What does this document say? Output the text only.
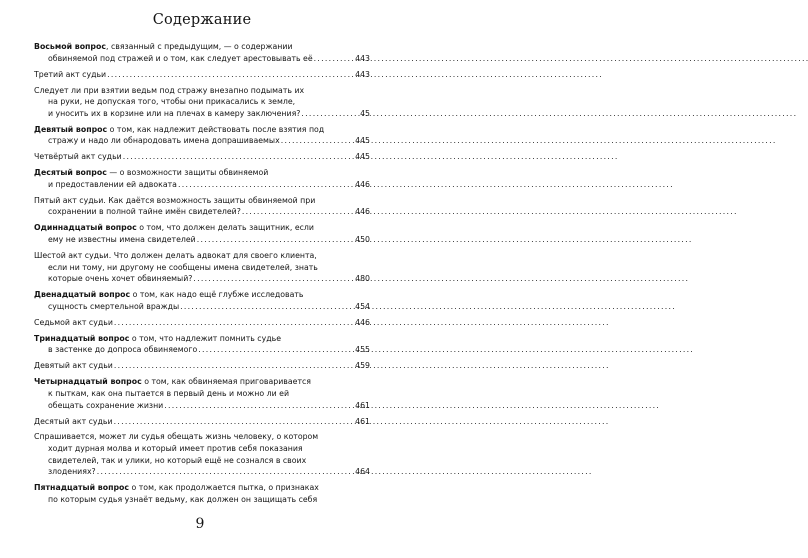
Содержание
Восьмой вопрос, связанный с предыдущим, — о содержании
обвиняемой под стражей и о том, как следует арестовывать её . . .	443
Третий акт судьи . . .	443
Следует ли при взятии ведьм под стражу внезапно подымать их
на руки, не допуская того, чтобы они прикасались к земле,
и уносить их в корзине или на плечах в камеру заключения? . . .	45
Девятый вопрос о том, как надлежит действовать после взятия под
стражу и надо ли обнародовать имена допрашиваемых . . .	445
Четвёртый акт судьи . . .	445
Десятый вопрос — о возможности защиты обвиняемой
и предоставлении ей адвоката . . .	446
Пятый акт судьи. Как даётся возможность защиты обвиняемой при
сохранении в полной тайне имён свидетелей? . . .	446
Одиннадцатый вопрос о том, что должен делать защитник, если
ему не известны имена свидетелей . . .	450
Шестой акт судьи. Что должен делать адвокат для своего клиента,
если ни тому, ни другому не сообщены имена свидетелей, знать
которые очень хочет обвиняемый? . . .	480
Двенадцатый вопрос о том, как надо ещё глубже исследовать
сущность смертельной вражды . . .	454
Седьмой акт судьи . . .	446
Тринадцатый вопрос о том, что надлежит помнить судье
в застенке до допроса обвиняемого . . .	455
Девятый акт судьи . . .	459
Четырнадцатый вопрос о том, как обвиняемая приговаривается
к пыткам, как она пытается в первый день и можно ли ей
обещать сохранение жизни . . .	461
Десятый акт судьи . . .	461
Спрашивается, может ли судья обещать жизнь человеку, о котором
ходит дурная молва и который имеет против себя показания
свидетелей, так и улики, но который ещё не сознался в своих
злодениях? . . .	464
Пятнадцатый вопрос о том, как продолжается пытка, о признаках
по которым судья узнаёт ведьму, как должен он защищать себя
9
